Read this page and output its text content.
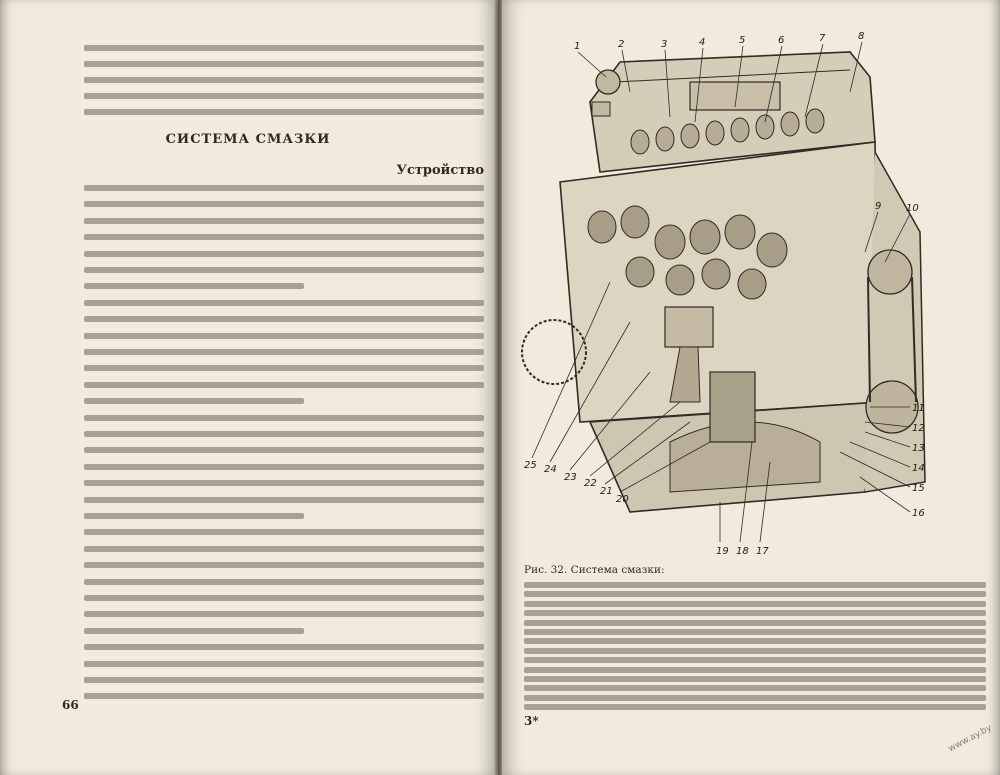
СИСТЕМА СМАЗКИ
Устройство
66
1	2	3	4	5	6	7	8
9 10
11
12
13
14
15
16
17
18
19
20
21
22
23
24
25
Рис. 32. Система смазки:
3*
www.ay.by
